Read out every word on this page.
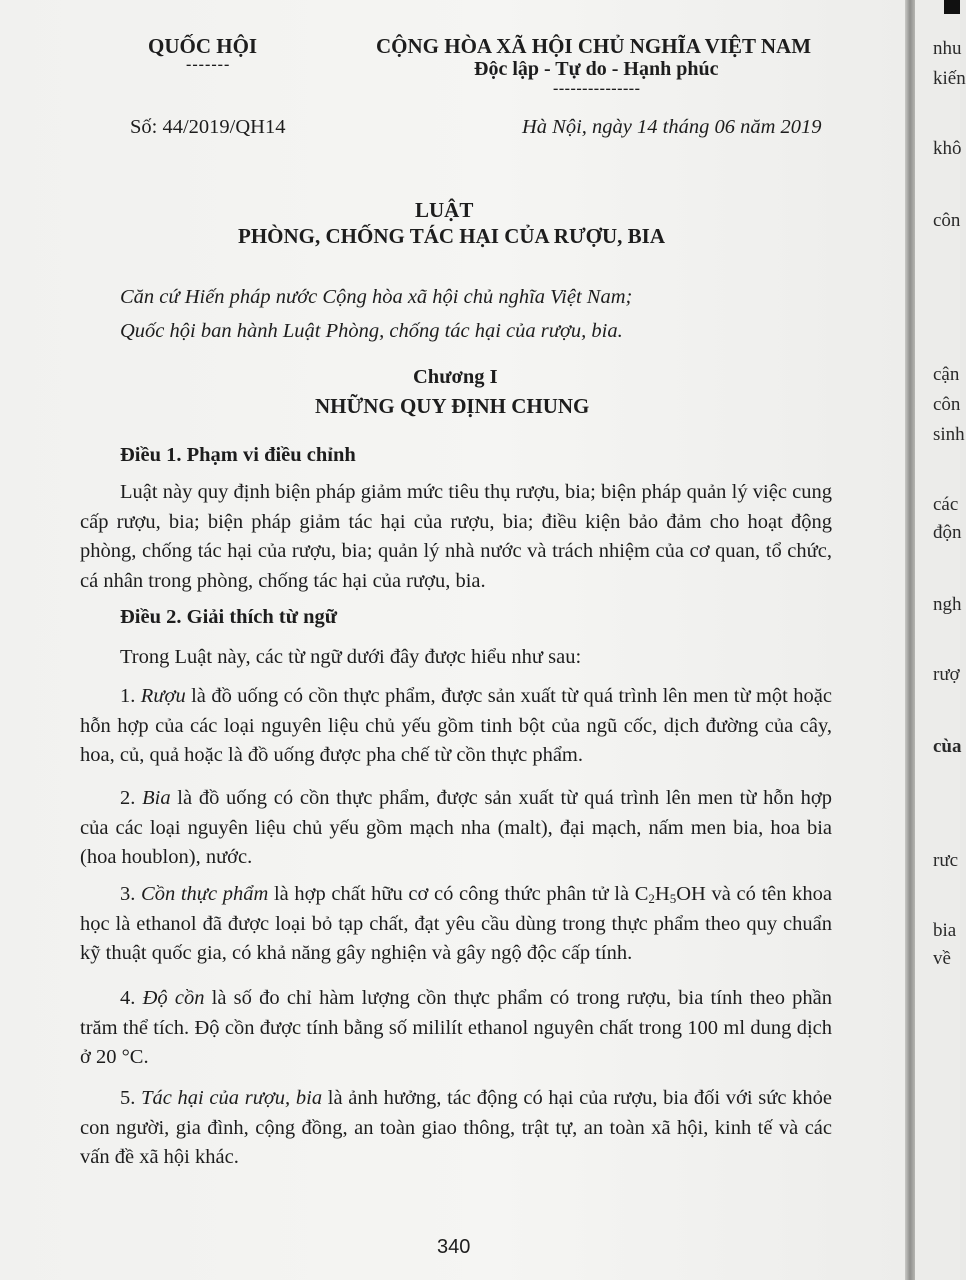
QUỐC HỘI
-------
CỘNG HÒA XÃ HỘI CHỦ NGHĨA VIỆT NAM
Độc lập - Tự do - Hạnh phúc
---------------
Số: 44/2019/QH14	Hà Nội, ngày 14 tháng 06 năm 2019
LUẬT
PHÒNG, CHỐNG TÁC HẠI CỦA RƯỢU, BIA
Căn cứ Hiến pháp nước Cộng hòa xã hội chủ nghĩa Việt Nam;
Quốc hội ban hành Luật Phòng, chống tác hại của rượu, bia.
Chương I
NHỮNG QUY ĐỊNH CHUNG
Điều 1. Phạm vi điều chỉnh
Luật này quy định biện pháp giảm mức tiêu thụ rượu, bia; biện pháp quản lý việc cung cấp rượu, bia; biện pháp giảm tác hại của rượu, bia; điều kiện bảo đảm cho hoạt động phòng, chống tác hại của rượu, bia; quản lý nhà nước và trách nhiệm của cơ quan, tổ chức, cá nhân trong phòng, chống tác hại của rượu, bia.
Điều 2. Giải thích từ ngữ
Trong Luật này, các từ ngữ dưới đây được hiểu như sau:
1. Rượu là đồ uống có cồn thực phẩm, được sản xuất từ quá trình lên men từ một hoặc hỗn hợp của các loại nguyên liệu chủ yếu gồm tinh bột của ngũ cốc, dịch đường của cây, hoa, củ, quả hoặc là đồ uống được pha chế từ cồn thực phẩm.
2. Bia là đồ uống có cồn thực phẩm, được sản xuất từ quá trình lên men từ hỗn hợp của các loại nguyên liệu chủ yếu gồm mạch nha (malt), đại mạch, nấm men bia, hoa bia (hoa houblon), nước.
3. Cồn thực phẩm là hợp chất hữu cơ có công thức phân tử là $C_2H_5OH$ và có tên khoa học là ethanol đã được loại bỏ tạp chất, đạt yêu cầu dùng trong thực phẩm theo quy chuẩn kỹ thuật quốc gia, có khả năng gây nghiện và gây ngộ độc cấp tính.
4. Độ cồn là số đo chỉ hàm lượng cồn thực phẩm có trong rượu, bia tính theo phần trăm thể tích. Độ cồn được tính bằng số mililít ethanol nguyên chất trong 100 ml dung dịch ở 20 °C.
5. Tác hại của rượu, bia là ảnh hưởng, tác động có hại của rượu, bia đối với sức khỏe con người, gia đình, cộng đồng, an toàn giao thông, trật tự, an toàn xã hội, kinh tế và các vấn đề xã hội khác.
340
nhu
kiến
khô
côn
cận
côn
sinh
các
độn
ngh
rượ
cùa
rưc
bia
về
